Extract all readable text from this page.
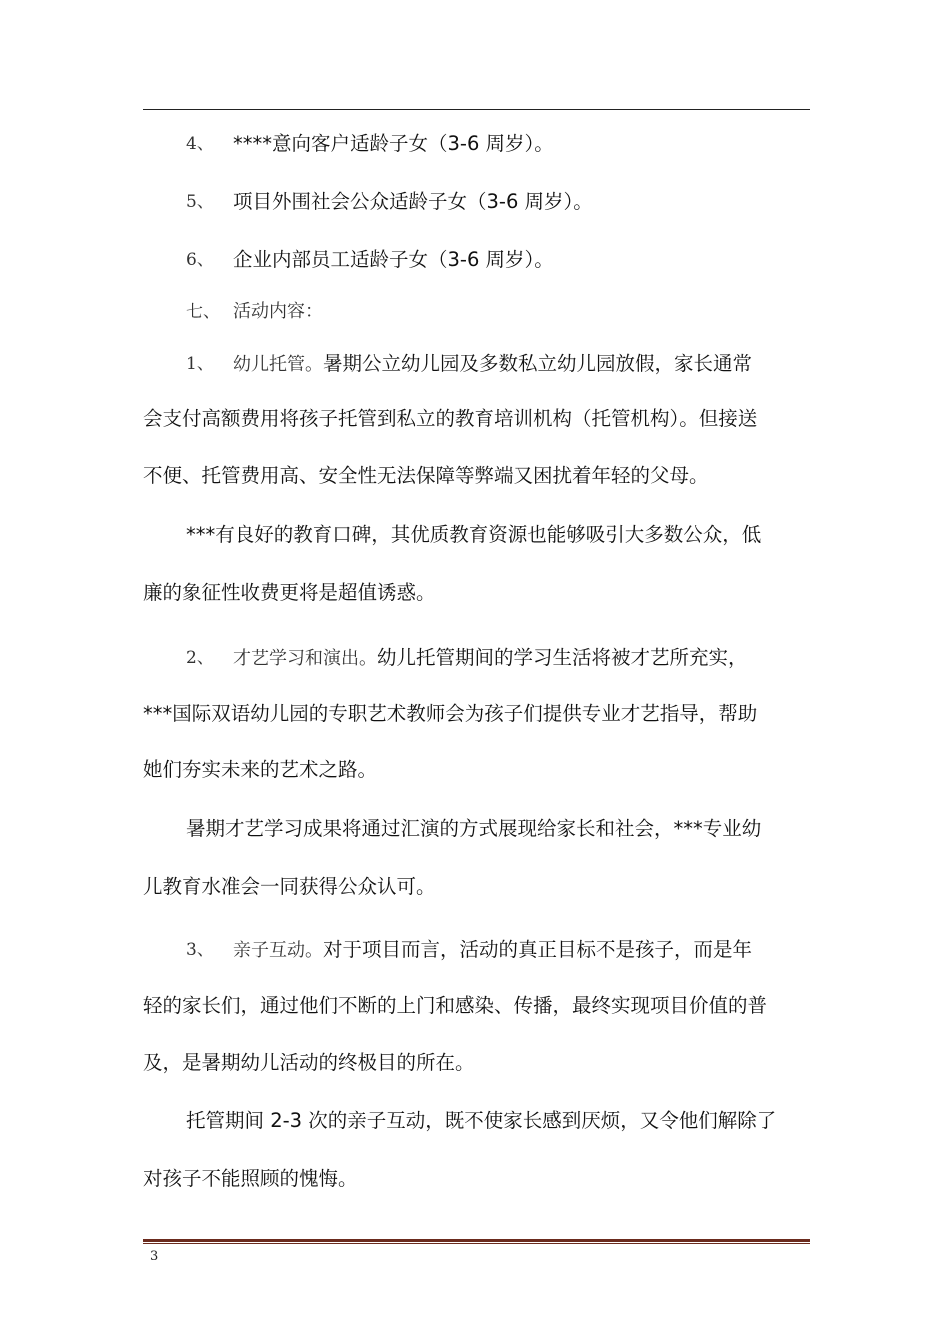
4、 ****意向客户适龄子女（3-6 周岁）。
5、 项目外围社会公众适龄子女（3-6 周岁）。
6、 企业内部员工适龄子女（3-6 周岁）。
七、 活动内容：
1、 幼儿托管。暑期公立幼儿园及多数私立幼儿园放假，家长通常
会支付高额费用将孩子托管到私立的教育培训机构（托管机构）。但接送
不便、托管费用高、安全性无法保障等弊端又困扰着年轻的父母。
***有良好的教育口碑，其优质教育资源也能够吸引大多数公众，低
廉的象征性收费更将是超值诱惑。
2、 才艺学习和演出。幼儿托管期间的学习生活将被才艺所充实，
***国际双语幼儿园的专职艺术教师会为孩子们提供专业才艺指导，帮助
她们夯实未来的艺术之路。
暑期才艺学习成果将通过汇演的方式展现给家长和社会，***专业幼
儿教育水准会一同获得公众认可。
3、 亲子互动。对于项目而言，活动的真正目标不是孩子，而是年
轻的家长们，通过他们不断的上门和感染、传播，最终实现项目价值的普
及，是暑期幼儿活动的终极目的所在。
托管期间 2-3 次的亲子互动，既不使家长感到厌烦，又令他们解除了
对孩子不能照顾的愧悔。
3
